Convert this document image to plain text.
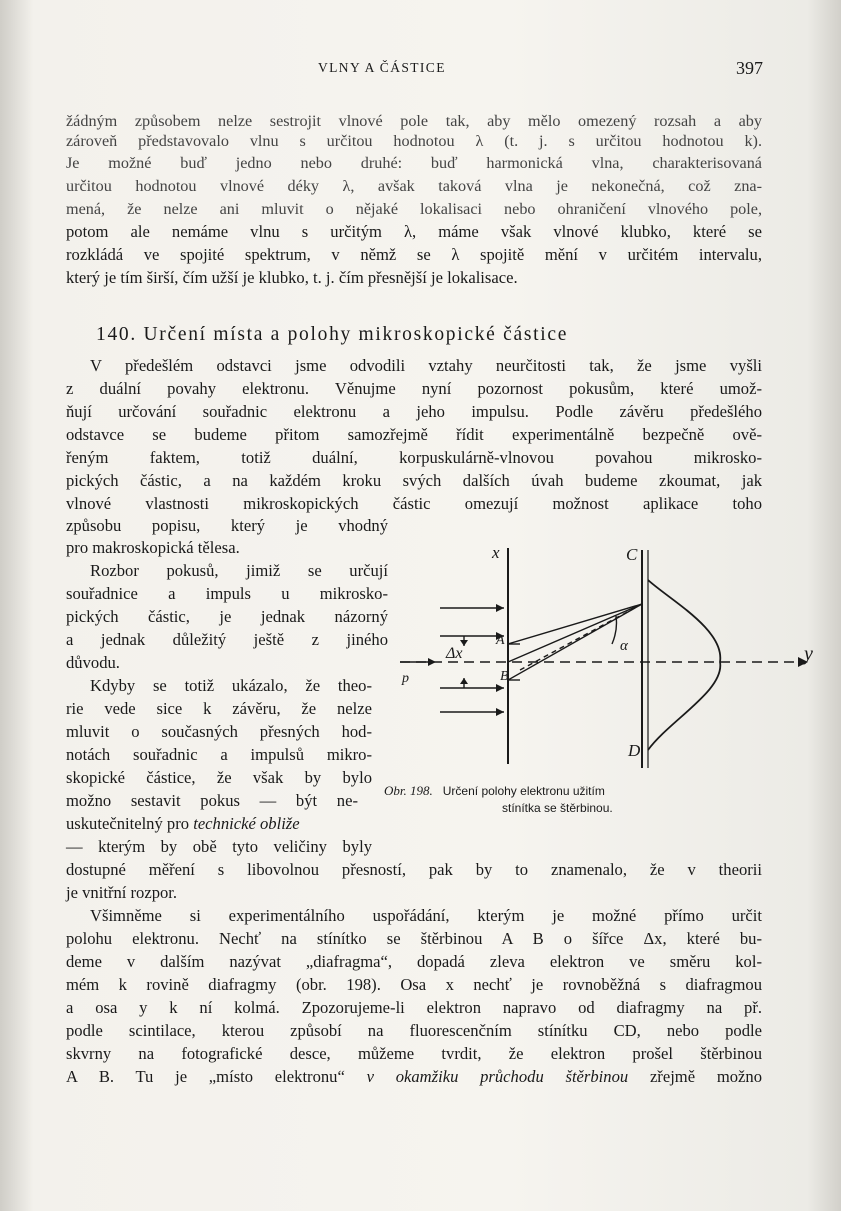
VLNY A ČÁSTICE	397

žádným způsobem nelze sestrojit vlnové pole tak, aby mělo omezený rozsah a aby

zároveň představovalo vlnu s určitou hodnotou λ (t. j. s určitou hodnotou k).

Je možné buď jedno nebo druhé: buď harmonická vlna, charakterisovaná

určitou hodnotou vlnové déky λ, avšak taková vlna je nekonečná, což zna-

mená, že nelze ani mluvit o nějaké lokalisaci nebo ohraničení vlnového pole,

potom ale nemáme vlnu s určitým λ, máme však vlnové klubko, které se

rozkládá ve spojité spektrum, v němž se λ spojitě mění v určitém intervalu,

který je tím širší, čím užší je klubko, t. j. čím přesnější je lokalisace.

140. Určení místa a polohy mikroskopické částice

V předešlém odstavci jsme odvodili vztahy neurčitosti tak, že jsme vyšli

z duální povahy elektronu. Věnujme nyní pozornost pokusům, které umož-

ňují určování souřadnic elektronu a jeho impulsu. Podle závěru předešlého

odstavce se budeme přitom samozřejmě řídit experimentálně bezpečně ově-

řeným faktem, totiž duální, korpuskulárně-vlnovou povahou mikrosko-

pických částic, a na každém kroku svých dalších úvah budeme zkoumat, jak

vlnové vlastnosti mikroskopických částic omezují možnost aplikace toho

způsobu popisu, který je vhodný

pro makroskopická tělesa.

Rozbor pokusů, jimiž se určují

souřadnice a impuls u mikrosko-

pických částic, je jednak názorný

a jednak důležitý ještě z jiného

důvodu.

Kdyby se totiž ukázalo, že theo-

rie vede sice k závěru, že nelze

mluvit o současných přesných hod-

notách souřadnic a impulsů mikro-

skopické částice, že však by bylo

možno sestavit pokus — být ne-

uskutečnitelný pro technické obliže

— kterým by obě tyto veličiny byly

dostupné měření s libovolnou přesností, pak by to znamenalo, že v theorii

je vnitřní rozpor.

Všimněme si experimentálního uspořádání, kterým je možné přímo určit

polohu elektronu. Nechť na stínítko se štěrbinou A B o šířce Δx, které bu-

deme v dalším nazývat „diafragma“, dopadá zleva elektron ve směru kol-

mém k rovině diafragmy (obr. 198). Osa x nechť je rovnoběžná s diafragmou

a osa y k ní kolmá. Zpozorujeme-li elektron napravo od diafragmy na př.

podle scintilace, kterou způsobí na fluorescenčním stínítku CD, nebo podle

skvrny na fotografické desce, můžeme tvrdit, že elektron prošel štěrbinou

A B. Tu je „místo elektronu“ v okamžiku průchodu štěrbinou zřejmě možno

x	C
A
B
D
Δx
p
α	y
Obr. 198. Určení polohy elektronu užitím
stínítka se štěrbinou.
